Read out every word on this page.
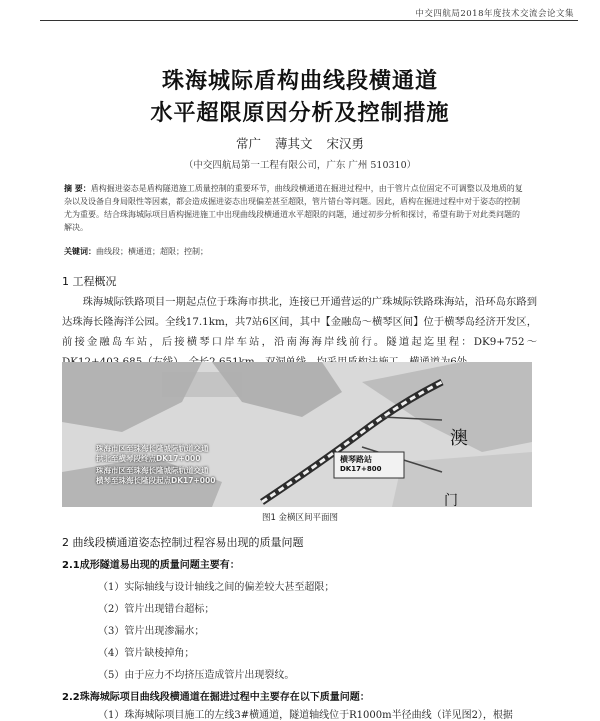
中交四航局2018年度技术交流会论文集
珠海城际盾构曲线段横通道
水平超限原因分析及控制措施
常广 薄其文 宋汉勇
（中交四航局第一工程有限公司，广东 广州 510310）
摘 要：盾构掘进姿态是盾构隧道施工质量控制的重要环节，曲线段横通道在掘进过程中，由于管片点位固定不可调整以及地质的复杂以及设备自身局限性等因素，都会造成掘进姿态出现偏差甚至超限，管片错台等问题。因此，盾构在掘进过程中对于姿态的控制尤为重要。结合珠海城际项目盾构掘进施工中出现曲线段横通道水平超限的问题，通过初步分析和探讨，希望有助于对此类问题的解决。
关键词：曲线段；横通道；超限；控制；
1 工程概况

珠海城际铁路项目一期起点位于珠海市拱北，连接已开通营运的广珠城际铁路珠海站，沿环岛东路到达珠海长隆海洋公园。全线17.1km，共7站6区间，其中【金融岛～横琴区间】位于横琴岛经济开发区，前接金融岛车站，后接横琴口岸车站，沿南海海岸线前行。隧道起迄里程：DK9+752～

珠海市区至珠海长隆城际轨道交通
拱北至横琴段终点DK17+000
珠海市区至珠海长隆城际轨道交通
横琴至珠海长隆段起点DK17+000
横琴路站
DK17+800
澳
门
图1 金横区间平面图
2 曲线段横通道姿态控制过程容易出现的质量问题
2.1成形隧道易出现的质量问题主要有：
（1）实际轴线与设计轴线之间的偏差较大甚至超限；
（2）管片出现错台超标；
（3）管片出现渗漏水；
（4）管片缺棱掉角；
（5）由于应力不均挤压造成管片出现裂纹。
2.2珠海城际项目曲线段横通道在掘进过程中主要存在以下质量问题：
（1）珠海城际项目施工的左线3#横通道，隧道轴线位于R1000m半径曲线（详见图2），根据
